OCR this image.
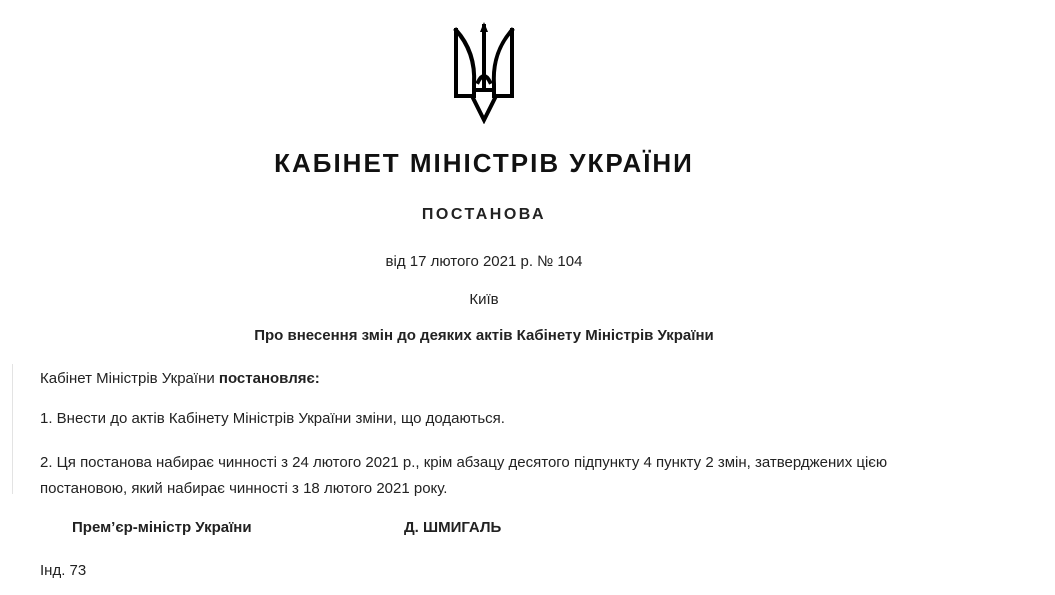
КАБІНЕТ МІНІСТРІВ УКРАЇНИ
ПОСТАНОВА
від 17 лютого 2021 р. № 104
Київ
Про внесення змін до деяких актів Кабінету Міністрів України
Кабінет Міністрів України постановляє:
1. Внести до актів Кабінету Міністрів України зміни, що додаються.
2. Ця постанова набирає чинності з 24 лютого 2021 р., крім абзацу десятого підпункту 4 пункту 2 змін, затверджених цією постановою, який набирає чинності з 18 лютого 2021 року.
Прем’єр-міністр України	Д. ШМИГАЛЬ
Інд. 73
